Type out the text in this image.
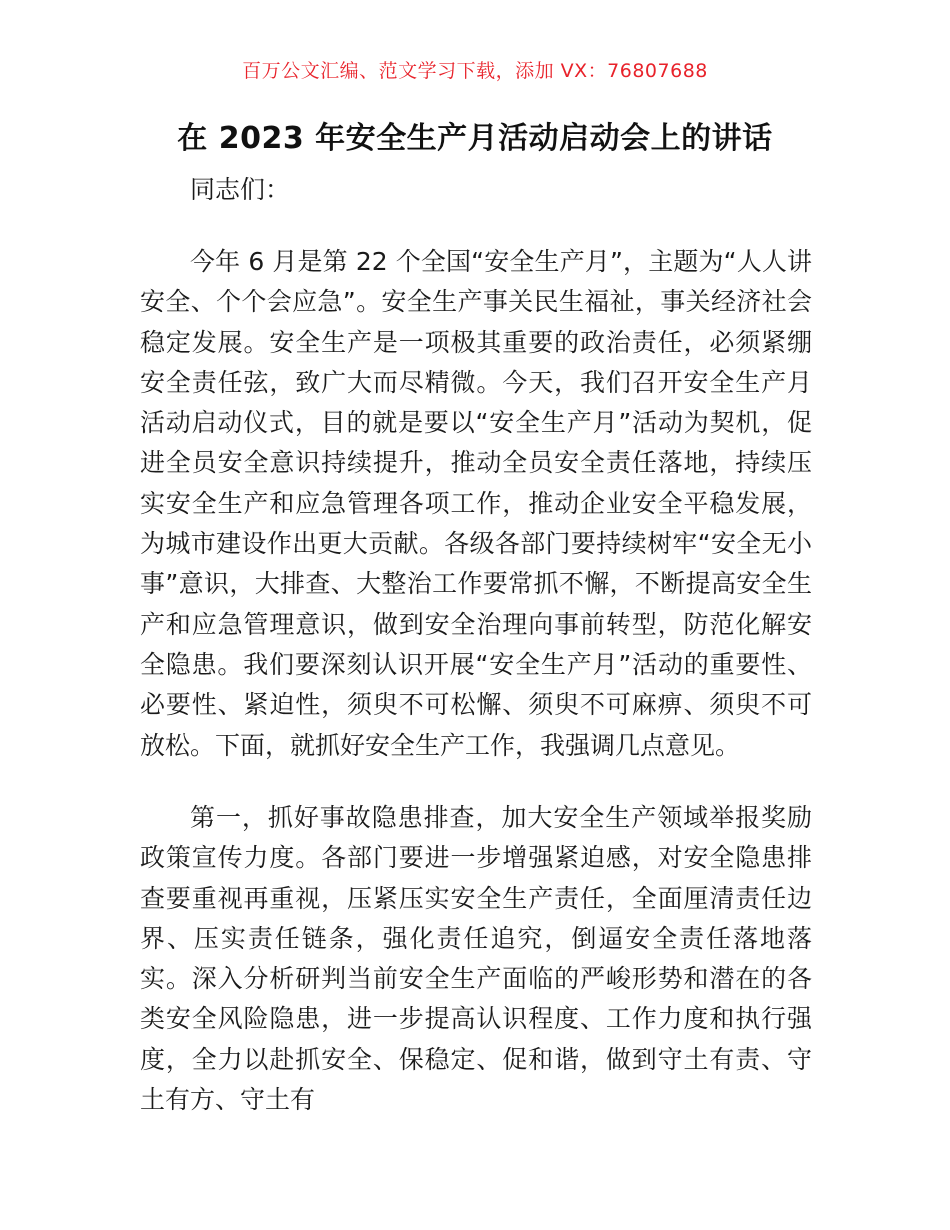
百万公文汇编、范文学习下载，添加 VX：76807688
在 2023 年安全生产月活动启动会上的讲话
同志们：

今年 6 月是第 22 个全国“安全生产月”，主题为“人人讲安全、个个会应急”。安全生产事关民生福祉，事关经济社会稳定发展。安全生产是一项极其重要的政治责任，必须紧绷安全责任弦，致广大而尽精微。今天，我们召开安全生产月活动启动仪式，目的就是要以“安全生产月”活动为契机，促进全员安全意识持续提升，推动全员安全责任落地，持续压实安全生产和应急管理各项工作，推动企业安全平稳发展，为城市建设作出更大贡献。各级各部门要持续树牢“安全无小事”意识，大排查、大整治工作要常抓不懈，不断提高安全生产和应急管理意识，做到安全治理向事前转型，防范化解安全隐患。我们要深刻认识开展“安全生产月”活动的重要性、必要性、紧迫性，须臾不可松懈、须臾不可麻痹、须臾不可放松。下面，就抓好安全生产工作，我强调几点意见。

第一，抓好事故隐患排查，加大安全生产领域举报奖励政策宣传力度。各部门要进一步增强紧迫感，对安全隐患排查要重视再重视，压紧压实安全生产责任，全面厘清责任边界、压实责任链条，强化责任追究，倒逼安全责任落地落实。深入分析研判当前安全生产面临的严峻形势和潜在的各类安全风险隐患，进一步提高认识程度、工作力度和执行强度，全力以赴抓安全、保稳定、促和谐，做到守土有责、守土有方、守土有
